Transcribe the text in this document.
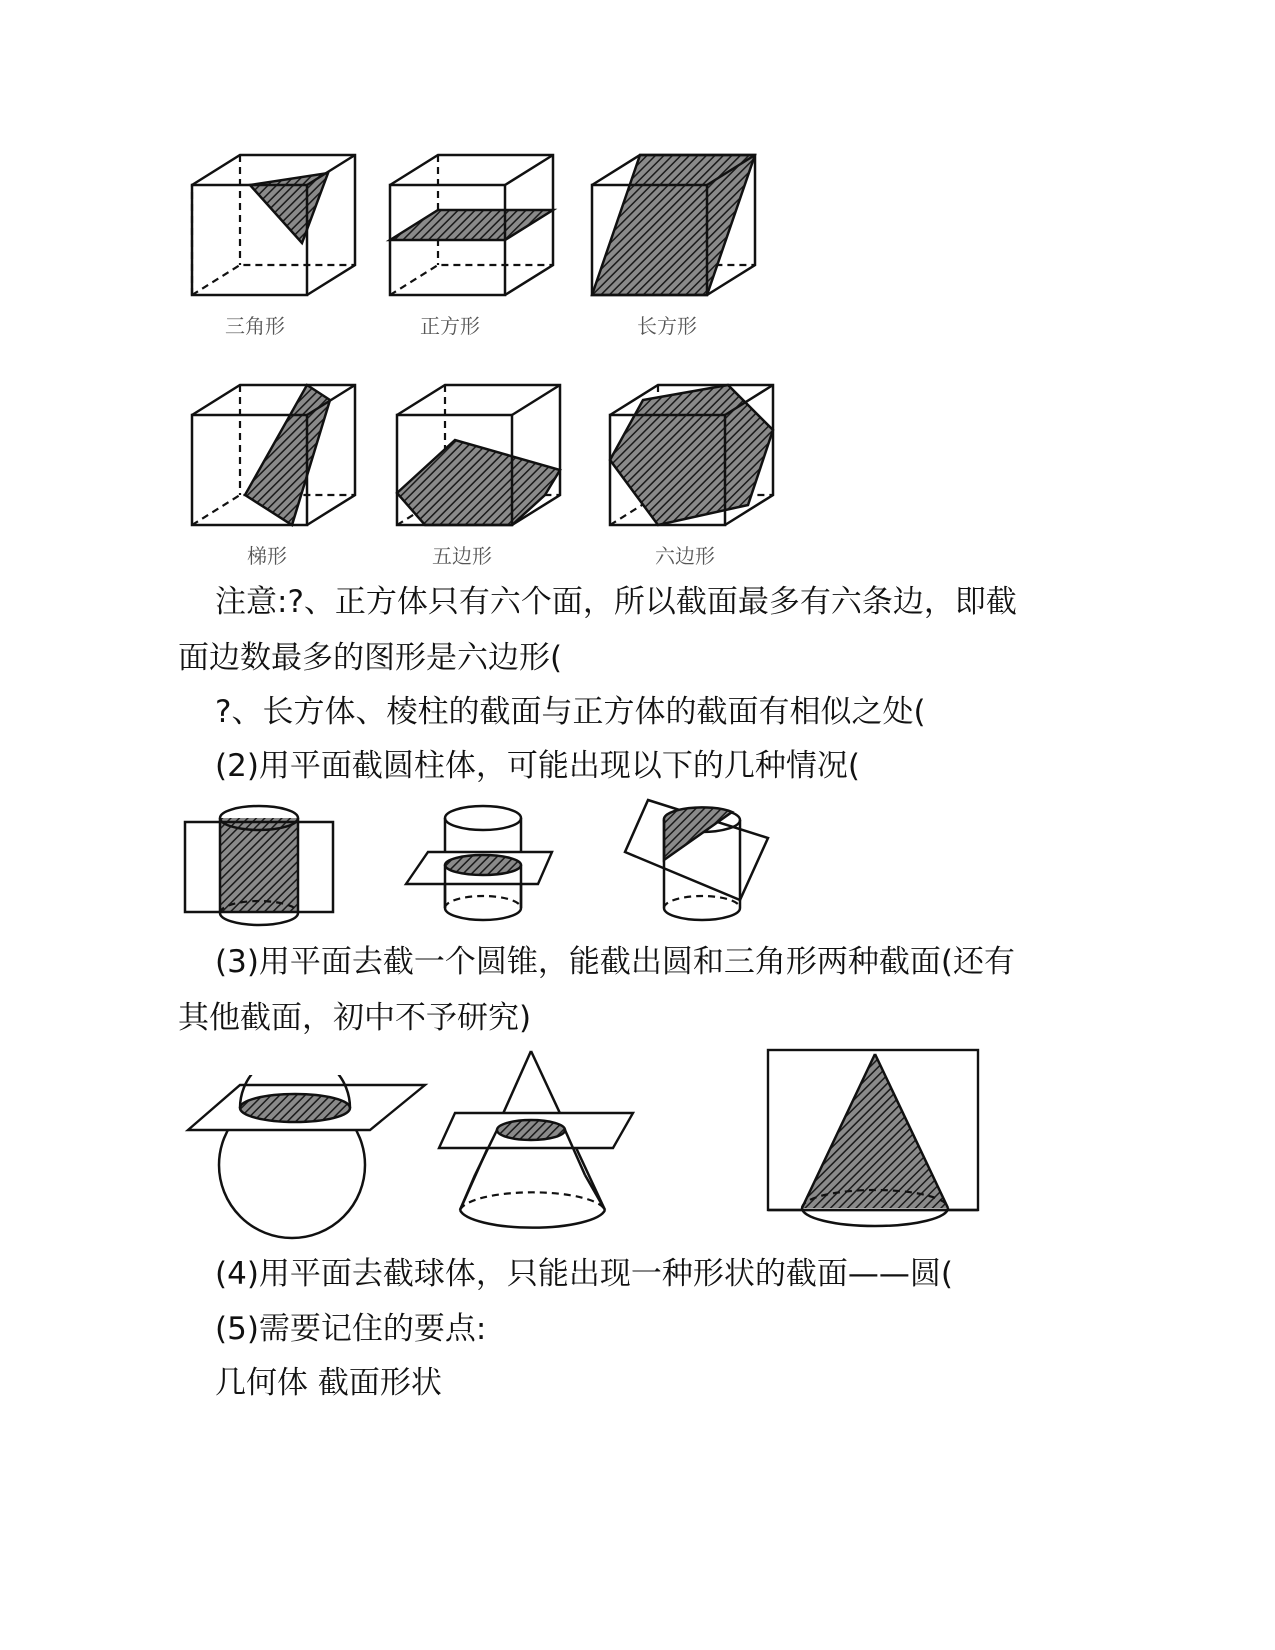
三角形	正方形	长方形
梯形	五边形	六边形
注意:?、正方体只有六个面，所以截面最多有六条边，即截
面边数最多的图形是六边形(
?、长方体、棱柱的截面与正方体的截面有相似之处(
(2)用平面截圆柱体，可能出现以下的几种情况(
(3)用平面去截一个圆锥，能截出圆和三角形两种截面(还有
其他截面，初中不予研究)
(4)用平面去截球体，只能出现一种形状的截面——圆(
(5)需要记住的要点:
几何体 截面形状
